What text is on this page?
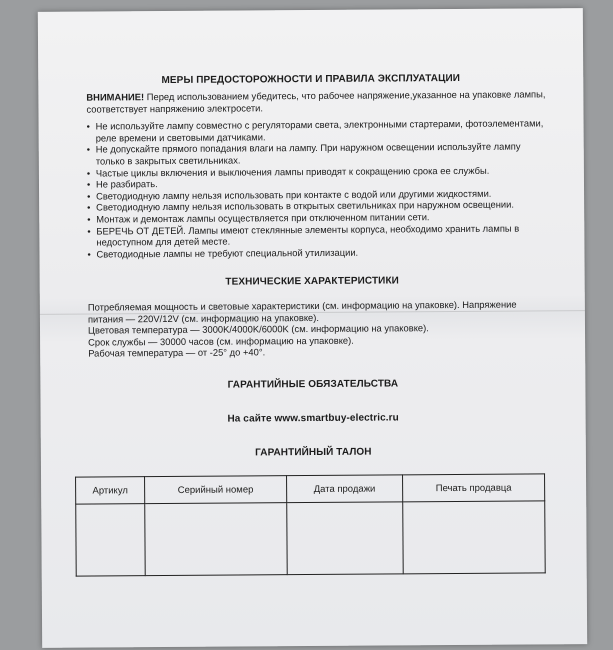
МЕРЫ ПРЕДОСТОРОЖНОСТИ И ПРАВИЛА ЭКСПЛУАТАЦИИ
ВНИМАНИЕ! Перед использованием убедитесь, что рабочее напряжение,указанное на упаковке лампы, соответствует напряжению электросети.
• Не используйте лампу совместно с регуляторами света, электронными стартерами, фотоэлементами, реле времени и световыми датчиками.
• Не допускайте прямого попадания влаги на лампу. При наружном освещении используйте лампу только в закрытых светильниках.
• Частые циклы включения и выключения лампы приводят к сокращению срока ее службы.
• Не разбирать.
• Светодиодную лампу нельзя использовать при контакте с водой или другими жидкостями.
• Светодиодную лампу нельзя использовать в открытых светильниках при наружном освещении.
• Монтаж и демонтаж лампы осуществляется при отключенном питании сети.
• БЕРЕЧЬ ОТ ДЕТЕЙ. Лампы имеют стеклянные элементы корпуса, необходимо хранить лампы в недоступном для детей месте.
• Светодиодные лампы не требуют специальной утилизации.
ТЕХНИЧЕСКИЕ ХАРАКТЕРИСТИКИ
Потребляемая мощность и световые характеристики (см. информацию на упаковке). Напряжение питания — 220V/12V (см. информацию на упаковке).
Цветовая температура — 3000K/4000K/6000K (см. информацию на упаковке).
Срок службы — 30000 часов (см. информацию на упаковке).
Рабочая температура — от -25° до +40°.
ГАРАНТИЙНЫЕ ОБЯЗАТЕЛЬСТВА
На сайте www.smartbuy-electric.ru
ГАРАНТИЙНЫЙ ТАЛОН
Артикул	Серийный номер	Дата продажи	Печать продавца
